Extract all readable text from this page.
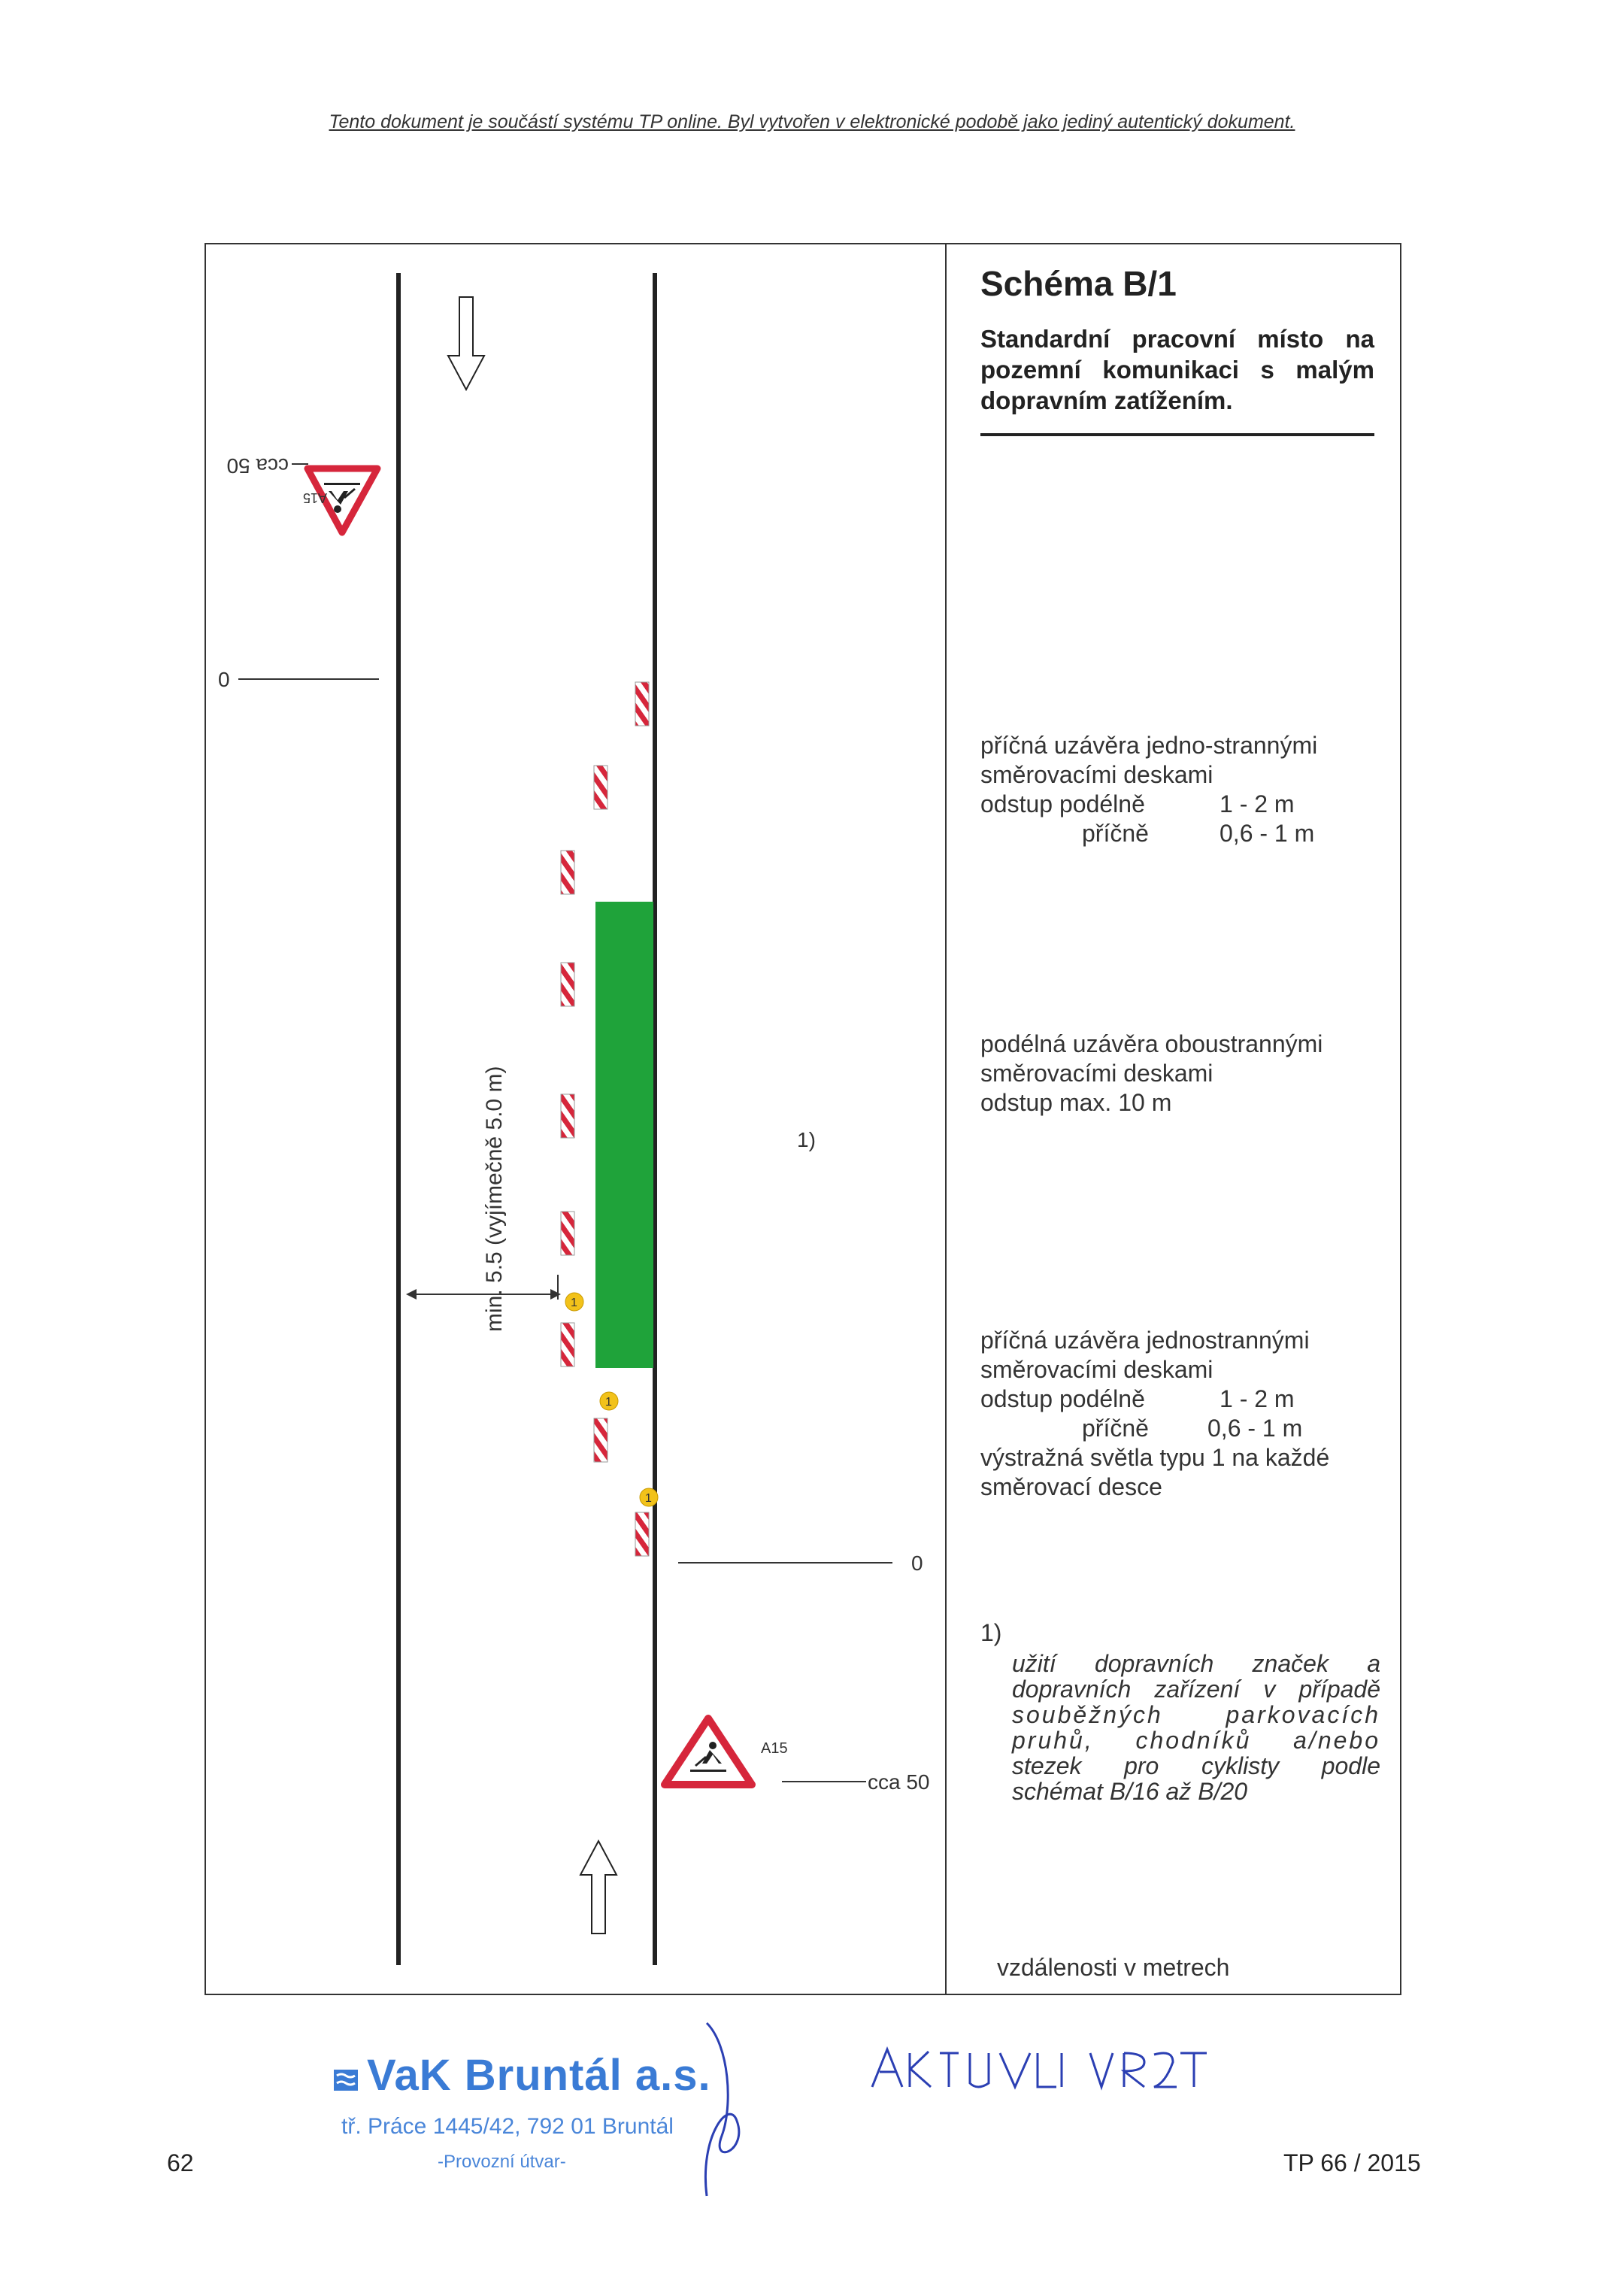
Tento dokument je součástí systému TP online. Byl vytvořen v elektronické podobě jako jediný autentický dokument.
Schéma B/1
Standardní pracovní místo na pozemní komunikaci s malým dopravním zatížením.
příčná uzávěra jedno-strannými
směrovacími deskami
odstup podélně	1 - 2 m
příčně	0,6 - 1 m
podélná uzávěra oboustrannými
směrovacími deskami
odstup max. 10 m
příčná uzávěra jednostrannými
směrovacími deskami
odstup podélně	1 - 2 m
příčně 0,6 - 1 m
výstražná světla typu 1 na každé
směrovací desce
1)
užití dopravních značek a
dopravních zařízení v případě
souběžných parkovacích
pruhů, chodníků a/nebo
stezek pro cyklisty podle
schémat B/16 až B/20
vzdálenosti v metrech
A15
cca 50
0
min. 5.5 (vyjímečně 5.0 m)	1)
1
1
1
0
A15
cca 50
VaK Bruntál a.s.
tř. Práce 1445/42, 792 01 Bruntál
-Provozní útvar-
62	TP 66 / 2015
